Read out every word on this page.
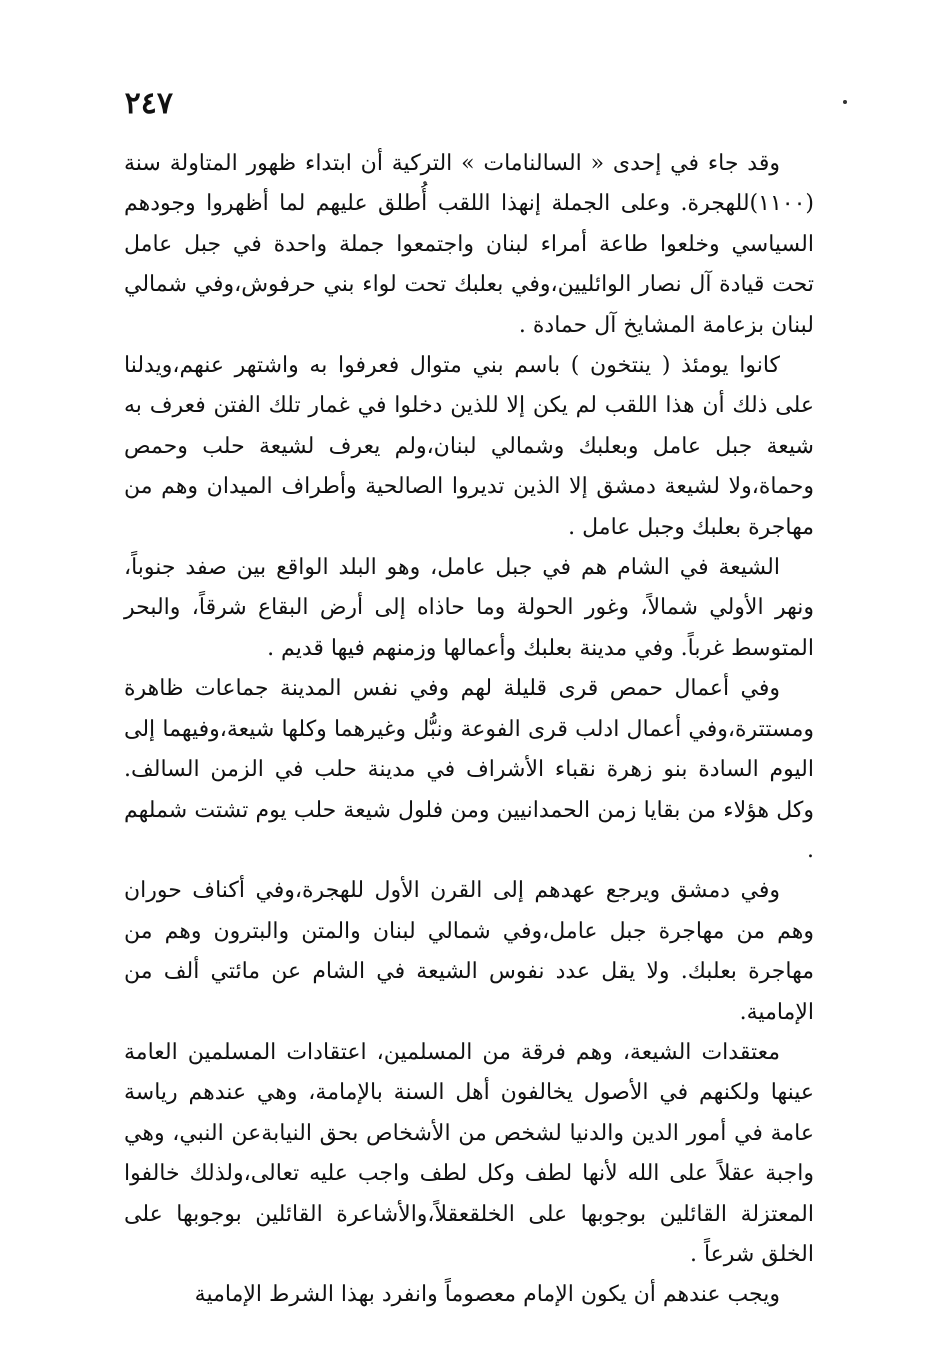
٢٤٧

وقد جاء في إحدى « السالنامات » التركية أن ابتداء ظهور المتاولة سنة (١١٠٠)للهجرة. وعلى الجملة إنهذا اللقب أُطلق عليهم لما أظهروا وجودهم السياسي وخلعوا طاعة أمراء لبنان واجتمعوا جملة واحدة في جبل عامل تحت قيادة آل نصار الوائليين،وفي بعلبك تحت لواء بني حرفوش،وفي شمالي لبنان بزعامة المشايخ آل حمادة .

كانوا يومئذ ( ينتخون ) باسم بني متوال فعرفوا به واشتهر عنهم،ويدلنا على ذلك أن هذا اللقب لم يكن إلا للذين دخلوا في غمار تلك الفتن فعرف به شيعة جبل عامل وبعلبك وشمالي لبنان،ولم يعرف لشيعة حلب وحمص وحماة،ولا لشيعة دمشق إلا الذين تديروا الصالحية وأطراف الميدان وهم من مهاجرة بعلبك وجبل عامل .

الشيعة في الشام هم في جبل عامل، وهو البلد الواقع بين صفد جنوباً، ونهر الأولي شمالاً، وغور الحولة وما حاذاه إلى أرض البقاع شرقاً، والبحر المتوسط غرباً. وفي مدينة بعلبك وأعمالها وزمنهم فيها قديم .

وفي أعمال حمص قرى قليلة لهم وفي نفس المدينة جماعات ظاهرة ومستترة،وفي أعمال ادلب قرى الفوعة ونبُّل وغيرهما وكلها شيعة،وفيهما إلى اليوم السادة بنو زهرة نقباء الأشراف في مدينة حلب في الزمن السالف. وكل هؤلاء من بقايا زمن الحمدانيين ومن فلول شيعة حلب يوم تشتت شملهم .

وفي دمشق ويرجع عهدهم إلى القرن الأول للهجرة،وفي أكناف حوران وهم من مهاجرة جبل عامل،وفي شمالي لبنان والمتن والبترون وهم من مهاجرة بعلبك. ولا يقل عدد نفوس الشيعة في الشام عن مائتي ألف من الإمامية.

معتقدات الشيعة، وهم فرقة من المسلمين، اعتقادات المسلمين العامة عينها ولكنهم في الأصول يخالفون أهل السنة بالإمامة، وهي عندهم رياسة عامة في أمور الدين والدنيا لشخص من الأشخاص بحق النيابةعن النبي، وهي واجبة عقلاً على الله لأنها لطف وكل لطف واجب عليه تعالى،ولذلك خالفوا المعتزلة القائلين بوجوبها على الخلقعقلاً،والأشاعرة القائلين بوجوبها على الخلق شرعاً .

ويجب عندهم أن يكون الإمام معصوماً وانفرد بهذا الشرط الإمامية
